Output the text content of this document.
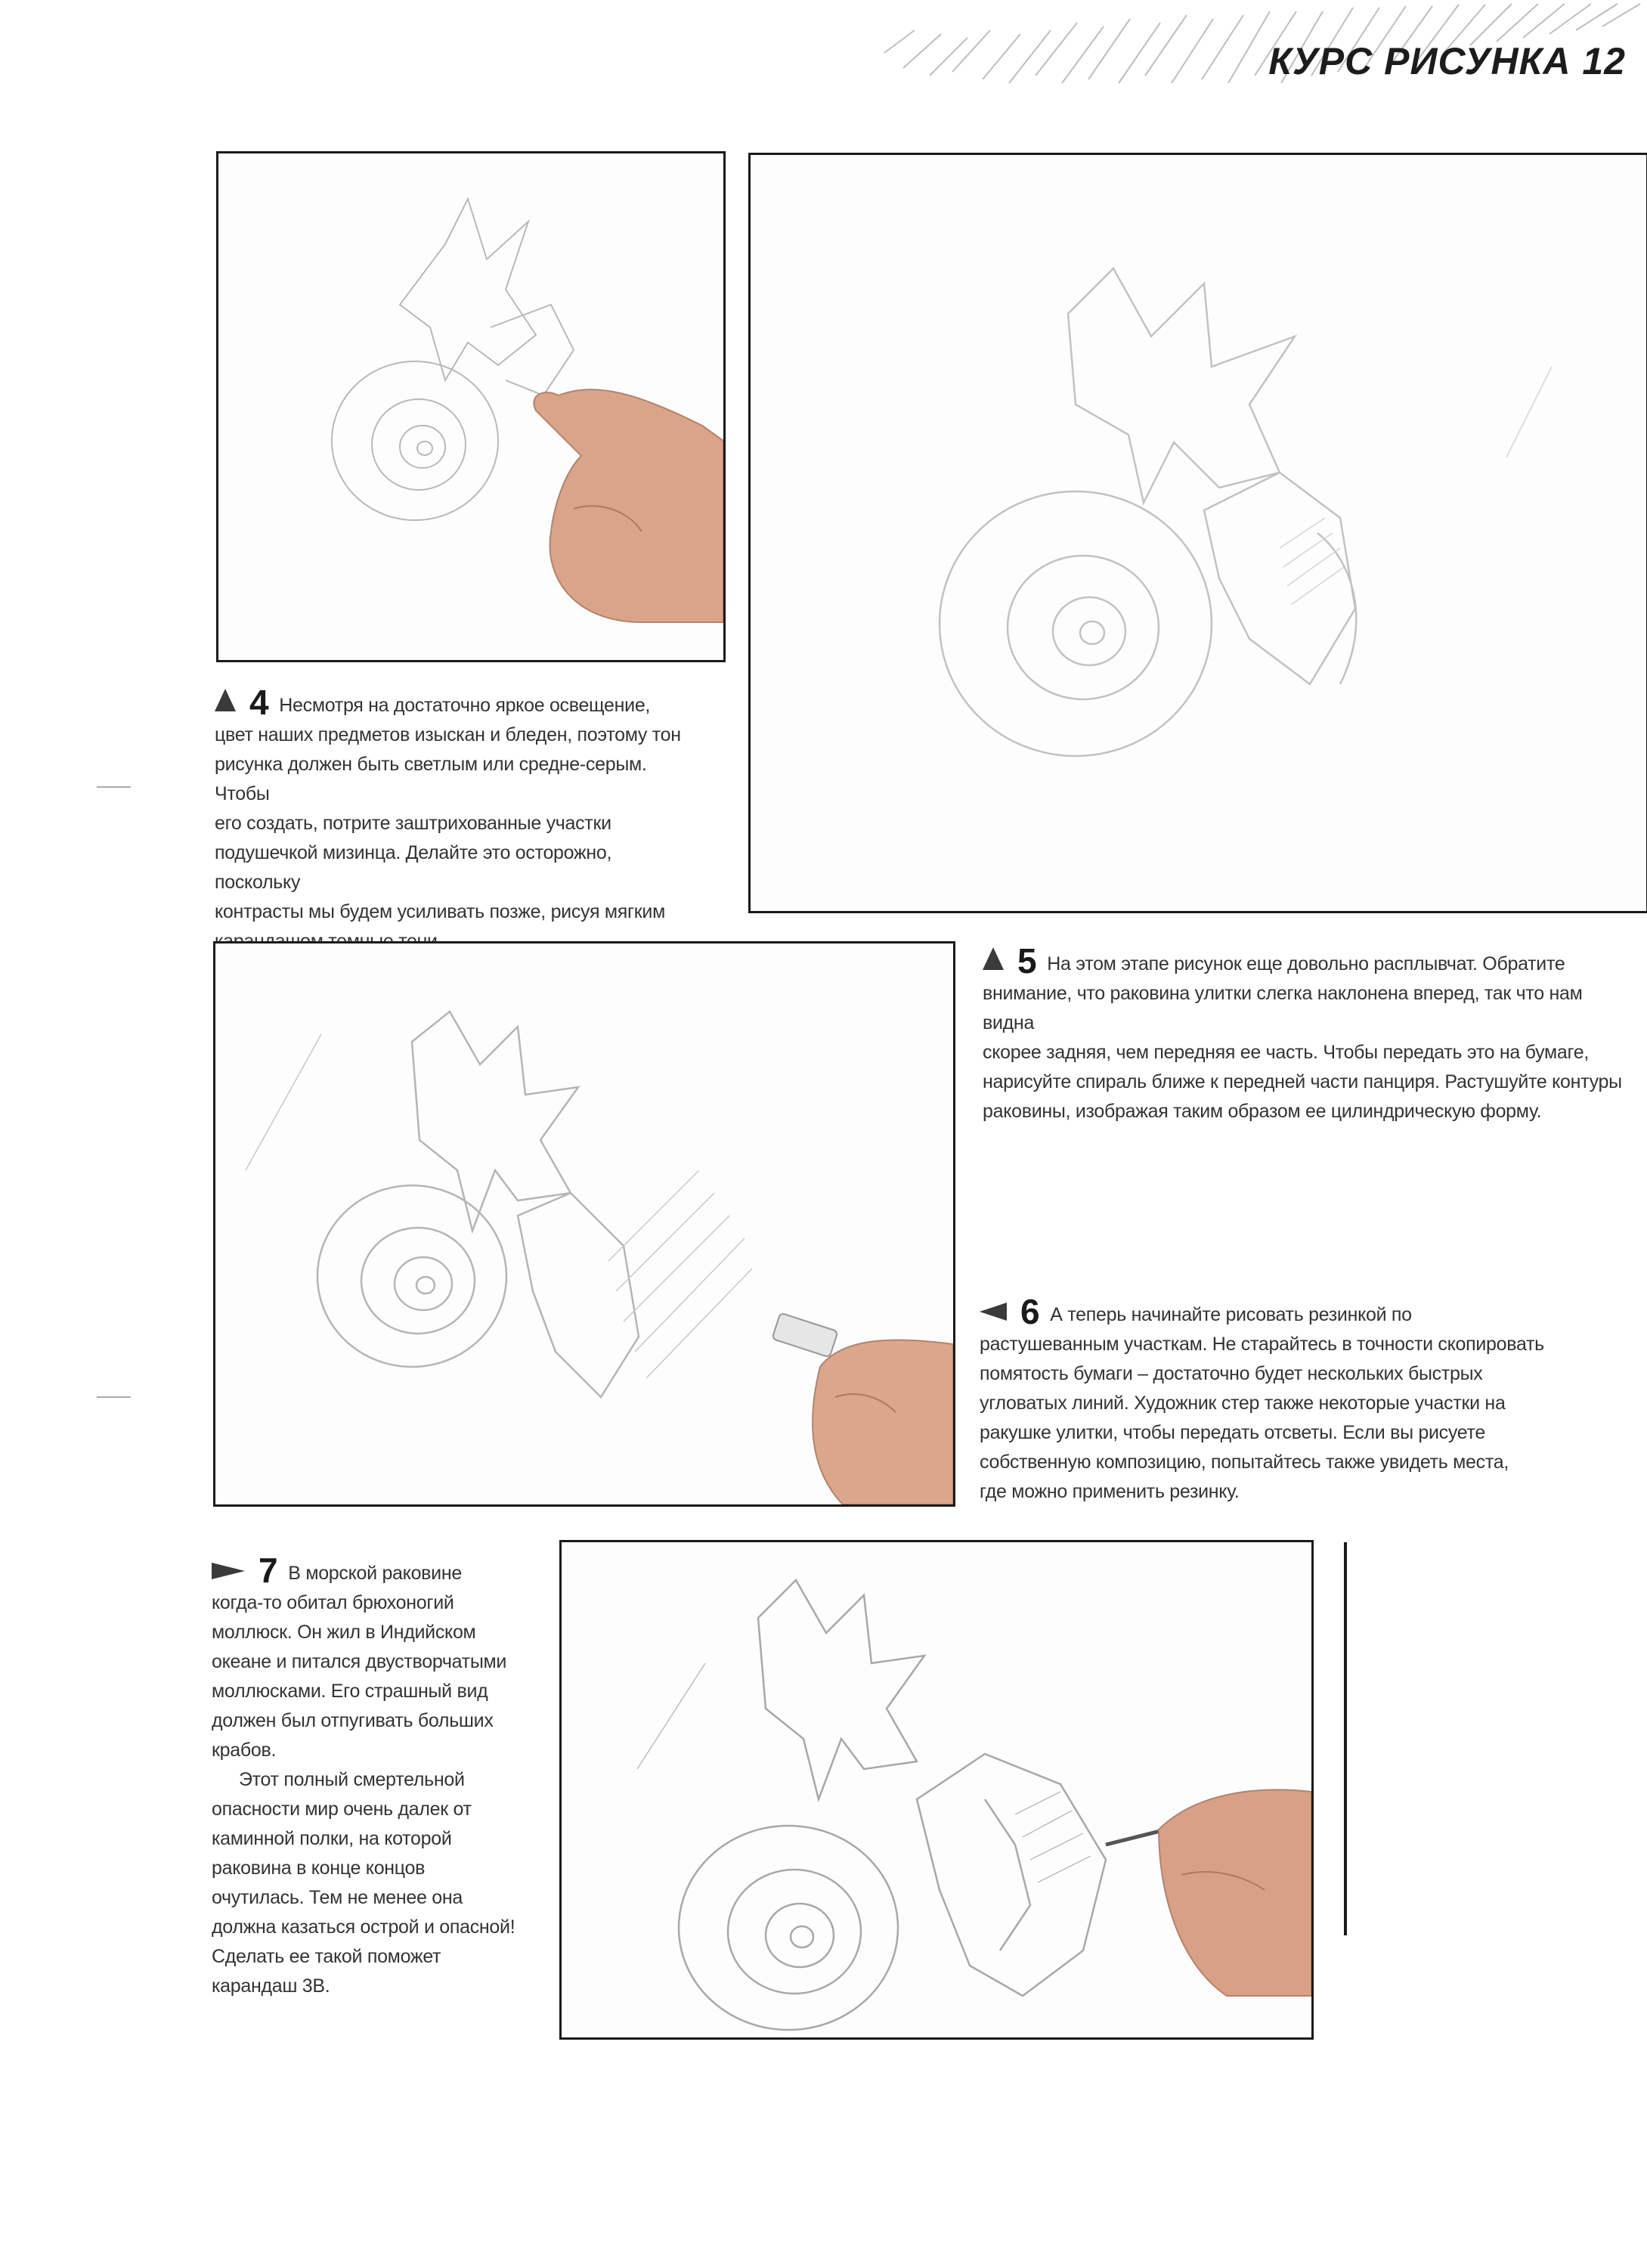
КУРС РИСУНКА 12

4 Несмотря на достаточно яркое освещение,

цвет наших предметов изыскан и бледен, поэтому тон

рисунка должен быть светлым или средне-серым. Чтобы

его создать, потрите заштрихованные участки

подушечкой мизинца. Делайте это осторожно, поскольку

контрасты мы будем усиливать позже, рисуя мягким

5 На этом этапе рисунок еще довольно расплывчат. Обратите

внимание, что раковина улитки слегка наклонена вперед, так что нам видна

скорее задняя, чем передняя ее часть. Чтобы передать это на бумаге,

нарисуйте спираль ближе к передней части панциря. Растушуйте контуры

раковины, изображая таким образом ее цилиндрическую форму.

6 А теперь начинайте рисовать резинкой по

растушеванным участкам. Не старайтесь в точности скопировать

помятость бумаги – достаточно будет нескольких быстрых

угловатых линий. Художник стер также некоторые участки на

ракушке улитки, чтобы передать отсветы. Если вы рисуете

собственную композицию, попытайтесь также увидеть места,

где можно применить резинку.

7 В морской раковине

когда-то обитал брюхоногий

моллюск. Он жил в Индийском

океане и питался двустворчатыми

моллюсками. Его страшный вид

должен был отпугивать больших

крабов.

Этот полный смертельной

опасности мир очень далек от

каминной полки, на которой

раковина в конце концов

очутилась. Тем не менее она

должна казаться острой и опасной!

Сделать ее такой поможет

карандаш 3B.
